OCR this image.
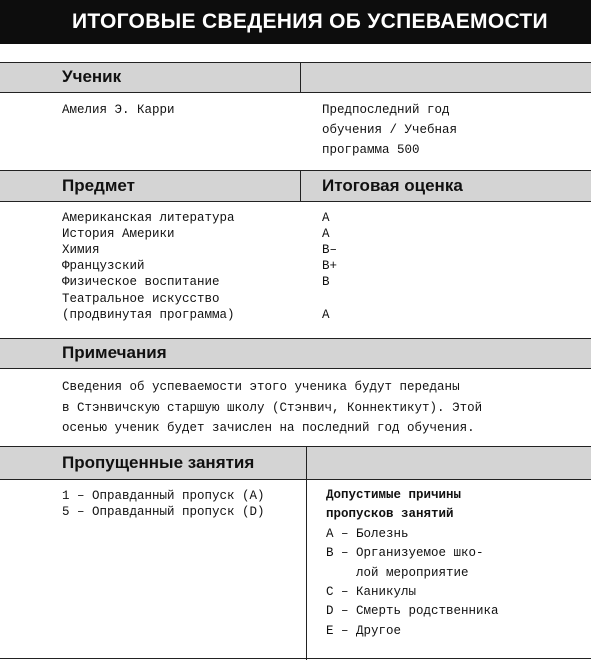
ИТОГОВЫЕ СВЕДЕНИЯ ОБ УСПЕВАЕМОСТИ
Ученик
Амелия Э. Карри	Предпоследний год
обучения / Учебная
программа 500
Предмет	Итоговая оценка
Американская литература	A
История Америки	A
Химия	B–
Французский	B+
Физическое воспитание	B
Театральное искусство
(продвинутая программа)	A
Примечания
Сведения об успеваемости этого ученика будут переданы
в Стэнвичскую старшую школу (Стэнвич, Коннектикут). Этой
осенью ученик будет зачислен на последний год обучения.
Пропущенные занятия
1 – Оправданный пропуск (A)
5 – Оправданный пропуск (D)
Допустимые причины
пропусков занятий
A – Болезнь
B – Организуемое шко-
лой мероприятие
C – Каникулы
D – Смерть родственника
E – Другое
